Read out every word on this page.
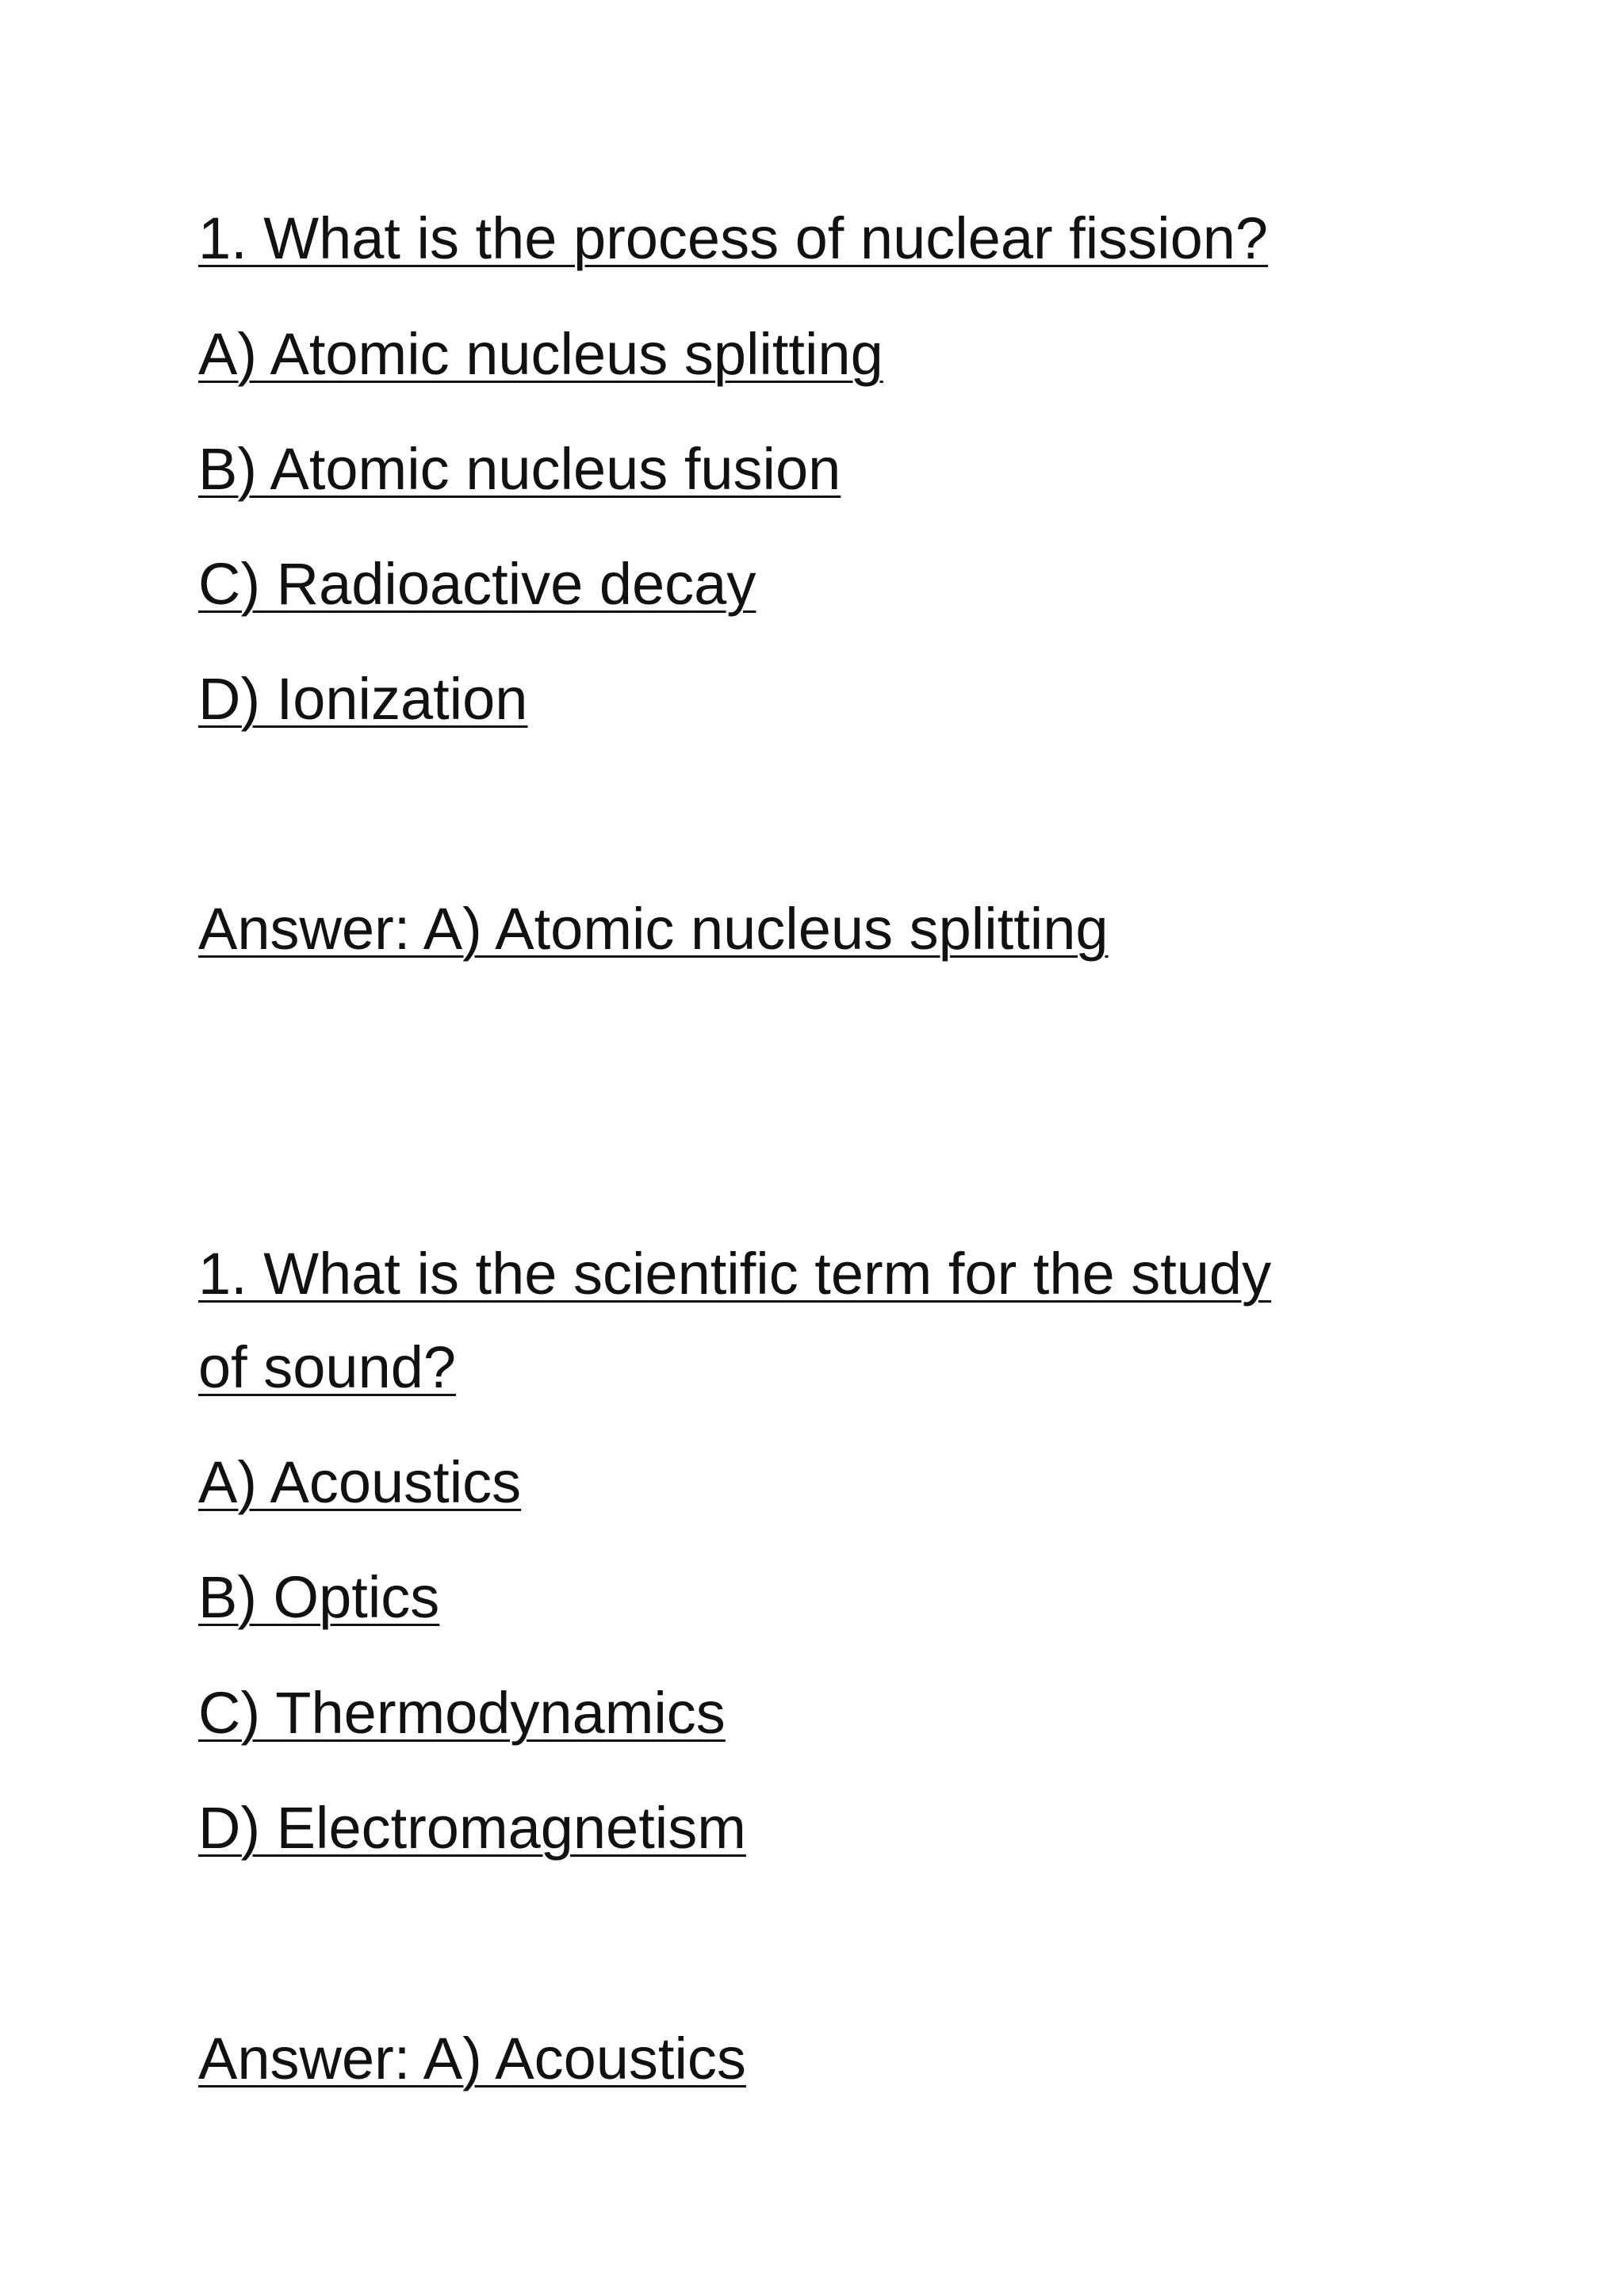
1. What is the process of nuclear fission?

A) Atomic nucleus splitting

B) Atomic nucleus fusion

C) Radioactive decay

D) Ionization

Answer: A) Atomic nucleus splitting

1. What is the scientific term for the study

of sound?

A) Acoustics

B) Optics

C) Thermodynamics

D) Electromagnetism

Answer: A) Acoustics
